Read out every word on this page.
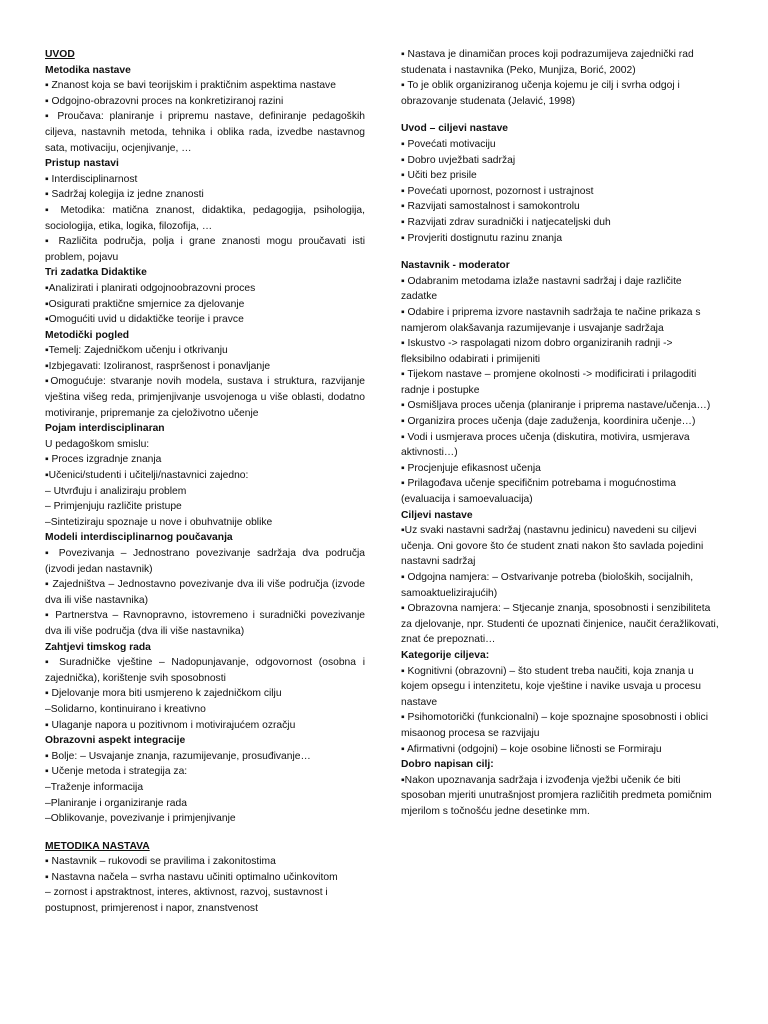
UVOD

Metodika nastave

▪ Znanost koja se bavi teorijskim i praktičnim aspektima nastave

▪ Odgojno-obrazovni proces na konkretiziranoj razini

▪ Proučava: planiranje i pripremu nastave, definiranje pedagoških ciljeva, nastavnih metoda, tehnika i oblika rada, izvedbe nastavnog sata, motivaciju, ocjenjivanje, …

Pristup nastavi

▪ Interdisciplinarnost

▪ Sadržaj kolegija iz jedne znanosti

▪ Metodika: matična znanost, didaktika, pedagogija, psihologija, sociologija, etika, logika, filozofija, …

▪ Različita područja, polja i grane znanosti mogu proučavati isti problem, pojavu

Tri zadatka Didaktike

▪Analizirati i planirati odgojnoobrazovni proces

▪Osigurati praktične smjernice za djelovanje

▪Omogućiti uvid u didaktičke teorije i pravce

Metodički pogled

▪Temelj: Zajedničkom učenju i otkrivanju

▪Izbjegavati: Izoliranost, raspršenost i ponavljanje

▪Omogućuje: stvaranje novih modela, sustava i struktura, razvijanje vještina višeg reda, primjenjivanje usvojenoga u više oblasti, dodatno motiviranje, pripremanje za cjeloživotno učenje

Pojam interdisciplinaran

U pedagoškom smislu:

▪ Proces izgradnje znanja

▪Učenici/studenti i učitelji/nastavnici zajedno:

– Utvrđuju i analiziraju problem

– Primjenjuju različite pristupe

–Sintetiziraju spoznaje u nove i obuhvatnije oblike

Modeli interdisciplinarnog poučavanja

▪ Povezivanja – Jednostrano povezivanje sadržaja dva područja (izvodi jedan nastavnik)

▪ Zajedništva – Jednostavno povezivanje dva ili više područja (izvode dva ili više nastavnika)

▪ Partnerstva – Ravnopravno, istovremeno i suradnički povezivanje dva ili više područja (dva ili više nastavnika)

Zahtjevi timskog rada

▪ Suradničke vještine – Nadopunjavanje, odgovornost (osobna i zajednička), korištenje svih sposobnosti

▪ Djelovanje mora biti usmjereno k zajedničkom cilju

–Solidarno, kontinuirano i kreativno

▪ Ulaganje napora u pozitivnom i motivirajućem ozračju

Obrazovni aspekt integracije

▪ Bolje: – Usvajanje znanja, razumijevanje, prosuđivanje…

▪ Učenje metoda i strategija za:

–Traženje informacija

–Planiranje i organiziranje rada

–Oblikovanje, povezivanje i primjenjivanje

METODIKA NASTAVA

▪ Nastavnik – rukovodi se pravilima i zakonitostima

▪ Nastavna načela – svrha nastavu učiniti optimalno učinkovitom

– zornost i apstraktnost, interes, aktivnost, razvoj, sustavnost i postupnost, primjerenost i napor, znanstvenost

▪ Nastava je dinamičan proces koji podrazumijeva zajednički rad studenata i nastavnika (Peko, Munjiza, Borić, 2002)

▪ To je oblik organiziranog učenja kojemu je cilj i svrha odgoj i obrazovanje studenata (Jelavić, 1998)

Uvod – ciljevi nastave

▪ Povećati motivaciju

▪ Dobro uvježbati sadržaj

▪ Učiti bez prisile

▪ Povećati upornost, pozornost i ustrajnost

▪ Razvijati samostalnost i samokontrolu

▪ Razvijati zdrav suradnički i natjecateljski duh

▪ Provjeriti dostignutu razinu znanja

Nastavnik - moderator

▪ Odabranim metodama izlaže nastavni sadržaj i daje različite zadatke

▪ Odabire i priprema izvore nastavnih sadržaja te načine prikaza s namjerom olakšavanja razumijevanje i usvajanje sadržaja

▪ Iskustvo -> raspolagati nizom dobro organiziranih radnji -> fleksibilno odabirati i primijeniti

▪ Tijekom nastave – promjene okolnosti -> modificirati i prilagoditi radnje i postupke

▪ Osmišljava proces učenja (planiranje i priprema nastave/učenja…)

▪ Organizira proces učenja (daje zaduženja, koordinira učenje…)

▪ Vodi i usmjerava proces učenja (diskutira, motivira, usmjerava aktivnosti…)

▪ Procjenjuje efikasnost učenja

▪ Prilagođava učenje specifičnim potrebama i mogućnostima (evaluacija i samoevaluacija)

Ciljevi nastave

▪Uz svaki nastavni sadržaj (nastavnu jedinicu) navedeni su ciljevi učenja. Oni govore što će student znati nakon što savlada pojedini nastavni sadržaj

▪ Odgojna namjera: – Ostvarivanje potreba (bioloških, socijalnih, samoaktuelizirajućih)

▪ Obrazovna namjera: – Stjecanje znanja, sposobnosti i senzibiliteta za djelovanje, npr. Studenti će upoznati činjenice, naučit ćeražlikovati, znat će prepoznati…

Kategorije ciljeva:

▪ Kognitivni (obrazovni) – što student treba naučiti, koja znanja u kojem opsegu i intenzitetu, koje vještine i navike usvaja u procesu nastave

▪ Psihomotorički (funkcionalni) – koje spoznajne sposobnosti i oblici misaonog procesa se razvijaju

▪ Afirmativni (odgojni) – koje osobine ličnosti se Formiraju

Dobro napisan cilj:

▪Nakon upoznavanja sadržaja i izvođenja vježbi učenik će biti sposoban mjeriti unutrašnjost promjera različitih predmeta pomičnim mjerilom s točnošću jedne desetinke mm.
